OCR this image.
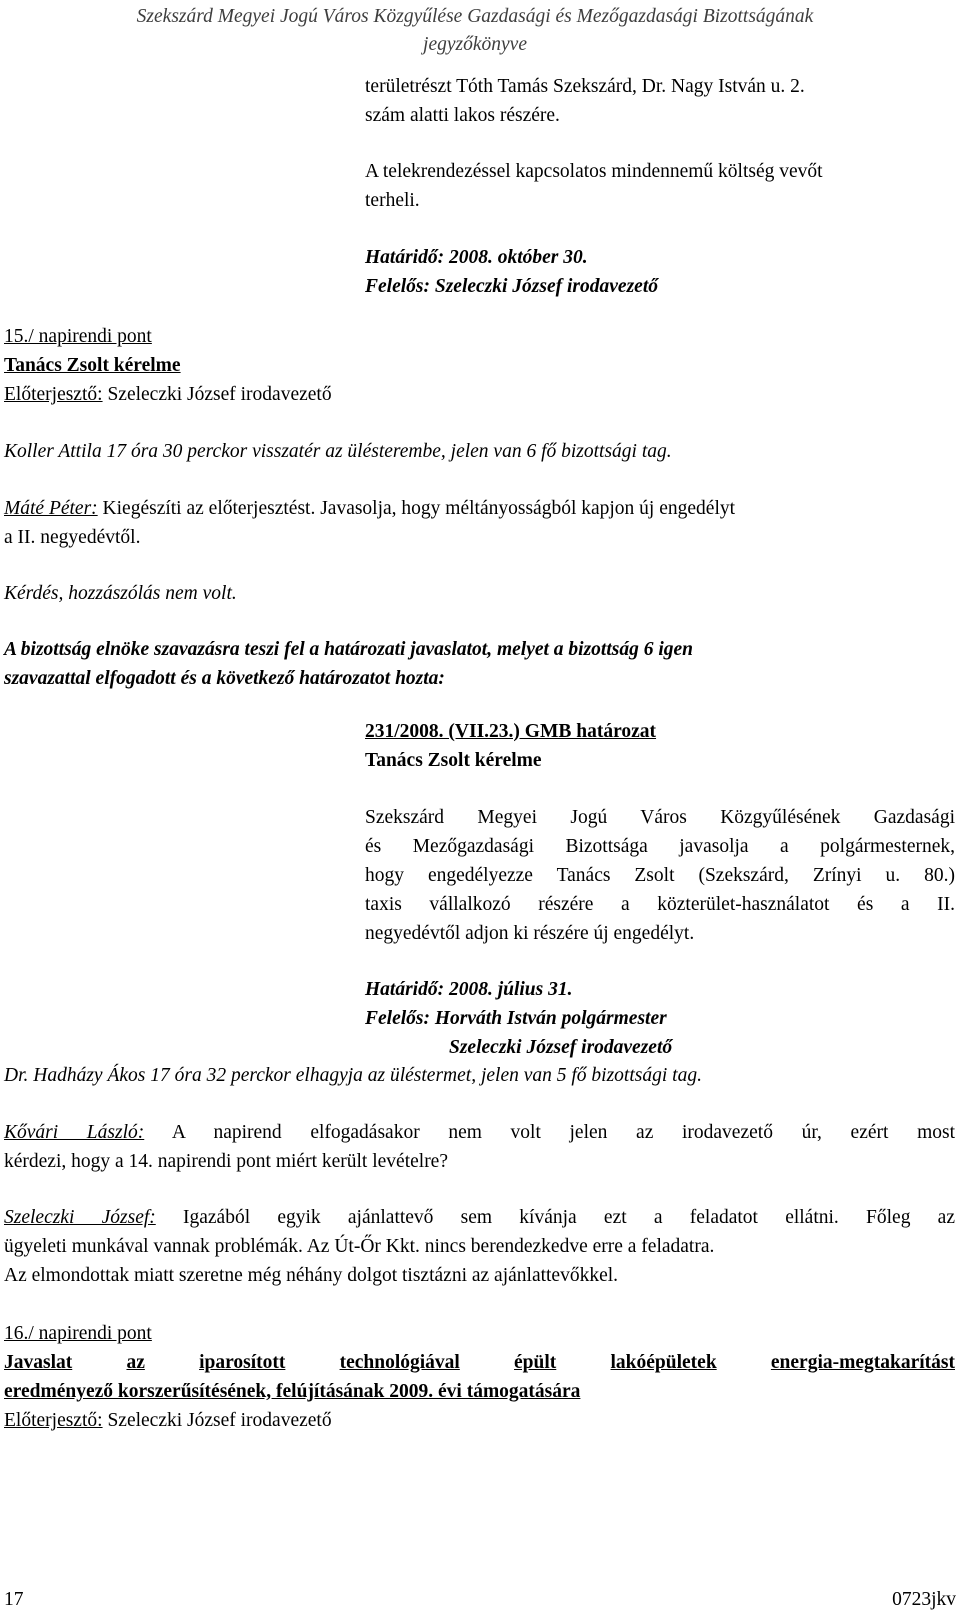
Szekszárd Megyei Jogú Város Közgyűlése Gazdasági és Mezőgazdasági Bizottságának
jegyzőkönyve
területrészt Tóth Tamás Szekszárd, Dr. Nagy István u. 2.
szám alatti lakos részére.
A telekrendezéssel kapcsolatos mindennemű költség vevőt
terheli.
Határidő: 2008. október 30.
Felelős: Szeleczki József irodavezető
15./ napirendi pont
Tanács Zsolt kérelme
Előterjesztő: Szeleczki József irodavezető
Koller Attila 17 óra 30 perckor visszatér az ülésterembe, jelen van 6 fő bizottsági tag.
Máté Péter: Kiegészíti az előterjesztést. Javasolja, hogy méltányosságból kapjon új engedélyt
a II. negyedévtől.
Kérdés, hozzászólás nem volt.
A bizottság elnöke szavazásra teszi fel a határozati javaslatot, melyet a bizottság 6 igen
szavazattal elfogadott és a következő határozatot hozta:
231/2008. (VII.23.) GMB határozat
Tanács Zsolt kérelme
Szekszárd Megyei Jogú Város Közgyűlésének Gazdasági
és Mezőgazdasági Bizottsága javasolja a polgármesternek,
hogy engedélyezze Tanács Zsolt (Szekszárd, Zrínyi u. 80.)
taxis vállalkozó részére a közterület-használatot és a II.
negyedévtől adjon ki részére új engedélyt.
Határidő: 2008. július 31.
Felelős: Horváth István polgármester
Szeleczki József irodavezető
Dr. Hadházy Ákos 17 óra 32 perckor elhagyja az üléstermet, jelen van 5 fő bizottsági tag.
Kővári László: A napirend elfogadásakor nem volt jelen az irodavezető úr, ezért most
kérdezi, hogy a 14. napirendi pont miért került levételre?
Szeleczki József: Igazából egyik ajánlattevő sem kívánja ezt a feladatot ellátni. Főleg az
ügyeleti munkával vannak problémák. Az Út-Őr Kkt. nincs berendezkedve erre a feladatra.
Az elmondottak miatt szeretne még néhány dolgot tisztázni az ajánlattevőkkel.
16./ napirendi pont
Javaslat	az	iparosított	technológiával	épült	lakóépületek	energia-megtakarítást
eredményező korszerűsítésének, felújításának 2009. évi támogatására
Előterjesztő: Szeleczki József irodavezető
17	0723jkv
